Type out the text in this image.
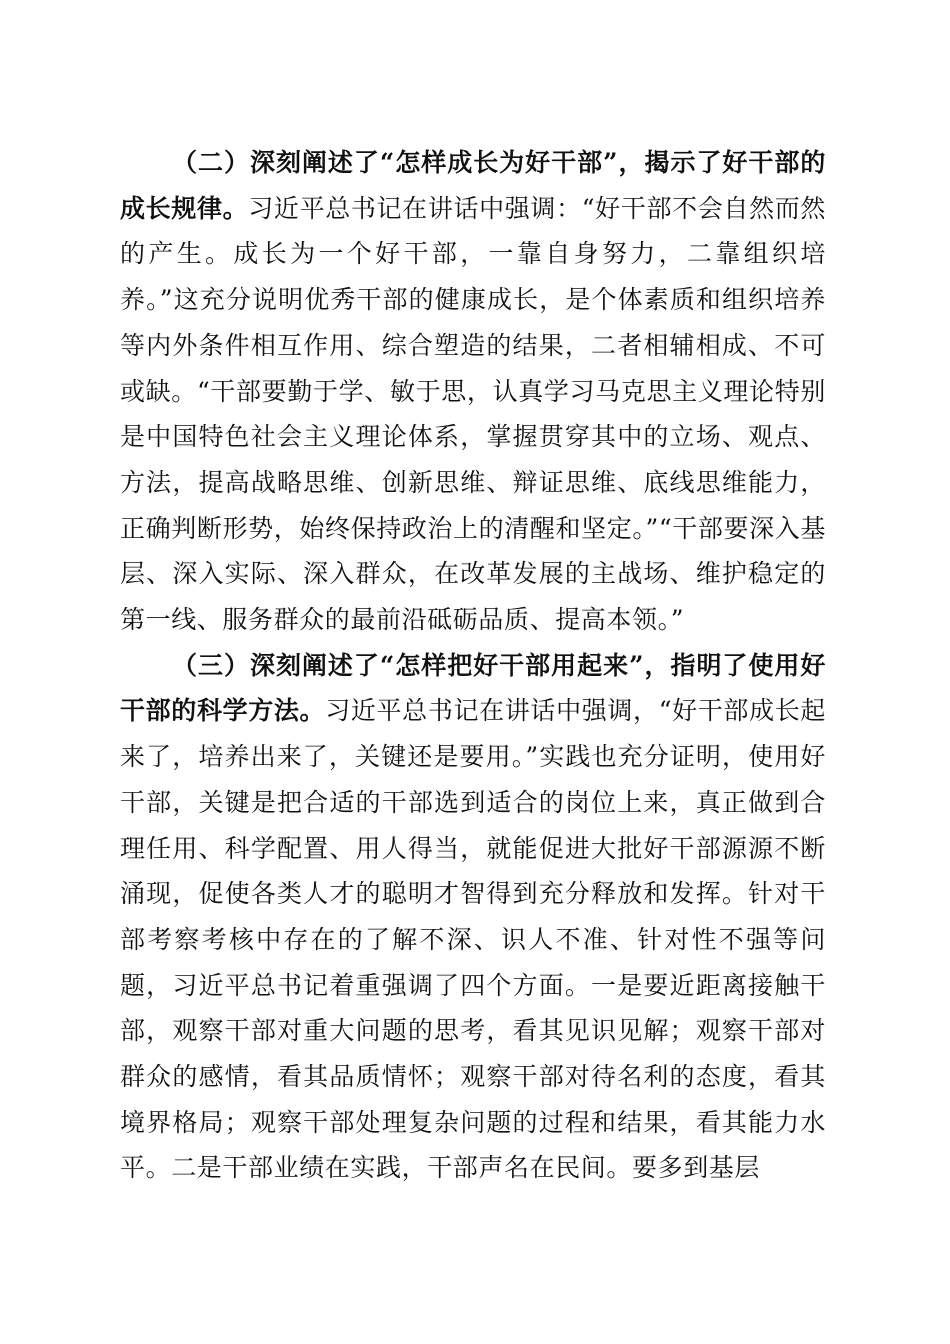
（二）深刻阐述了“怎样成长为好干部”，揭示了好干部的成长规律。习近平总书记在讲话中强调：“好干部不会自然而然的产生。成长为一个好干部，一靠自身努力，二靠组织培养。”这充分说明优秀干部的健康成长，是个体素质和组织培养等内外条件相互作用、综合塑造的结果，二者相辅相成、不可或缺。“干部要勤于学、敏于思，认真学习马克思主义理论特别是中国特色社会主义理论体系，掌握贯穿其中的立场、观点、方法，提高战略思维、创新思维、辩证思维、底线思维能力，正确判断形势，始终保持政治上的清醒和坚定。”“干部要深入基层、深入实际、深入群众，在改革发展的主战场、维护稳定的第一线、服务群众的最前沿砥砺品质、提高本领。”

（三）深刻阐述了“怎样把好干部用起来”，指明了使用好干部的科学方法。习近平总书记在讲话中强调，“好干部成长起来了，培养出来了，关键还是要用。”实践也充分证明，使用好干部，关键是把合适的干部选到适合的岗位上来，真正做到合理任用、科学配置、用人得当，就能促进大批好干部源源不断涌现，促使各类人才的聪明才智得到充分释放和发挥。针对干部考察考核中存在的了解不深、识人不准、针对性不强等问题，习近平总书记着重强调了四个方面。一是要近距离接触干部，观察干部对重大问题的思考，看其见识见解；观察干部对群众的感情，看其品质情怀；观察干部对待名利的态度，看其境界格局；观察干部处理复杂问题的过程和结果，看其能力水平。二是干部业绩在实践，干部声名在民间。要多到基层
